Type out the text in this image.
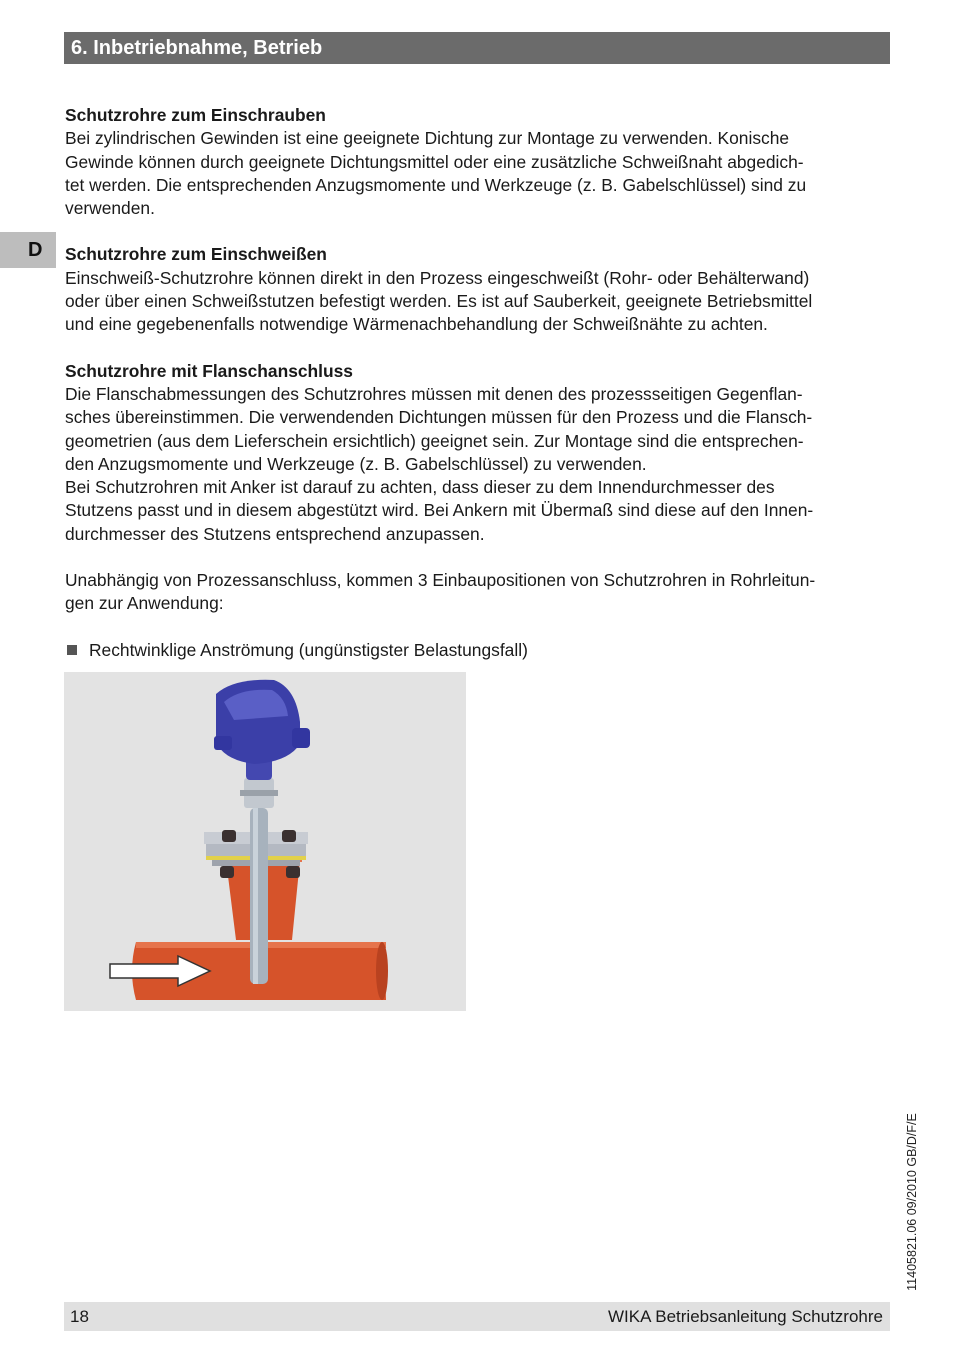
6. Inbetriebnahme, Betrieb
D

Schutzrohre zum Einschrauben

Bei zylindrischen Gewinden ist eine geeignete Dichtung zur Montage zu verwenden. Konische

Gewinde können durch geeignete Dichtungsmittel oder eine zusätzliche Schweißnaht abgedich-

tet werden. Die entsprechenden Anzugsmomente und Werkzeuge (z. B. Gabelschlüssel) sind zu

verwenden.

Schutzrohre zum Einschweißen

Einschweiß-Schutzrohre können direkt in den Prozess eingeschweißt (Rohr- oder Behälterwand)

oder über einen Schweißstutzen befestigt werden. Es ist auf Sauberkeit, geeignete Betriebsmittel

und eine gegebenenfalls notwendige Wärmenachbehandlung der Schweißnähte zu achten.

Schutzrohre mit Flanschanschluss

Die Flanschabmessungen des Schutzrohres müssen mit denen des prozessseitigen Gegenflan-

sches übereinstimmen. Die verwendenden Dichtungen müssen für den Prozess und die Flansch-

geometrien (aus dem Lieferschein ersichtlich) geeignet sein. Zur Montage sind die entsprechen-

den Anzugsmomente und Werkzeuge (z. B. Gabelschlüssel) zu verwenden.

Bei Schutzrohren mit Anker ist darauf zu achten, dass dieser zu dem Innendurchmesser des

Stutzens passt und in diesem abgestützt wird. Bei Ankern mit Übermaß sind diese auf den Innen-

durchmesser des Stutzens entsprechend anzupassen.

Unabhängig von Prozessanschluss, kommen 3 Einbaupositionen von Schutzrohren in Rohrleitun-

gen zur Anwendung:

Rechtwinklige Anströmung (ungünstigster Belastungsfall)
11405821.06 09/2010 GB/D/F/E
18	WIKA Betriebsanleitung Schutzrohre
